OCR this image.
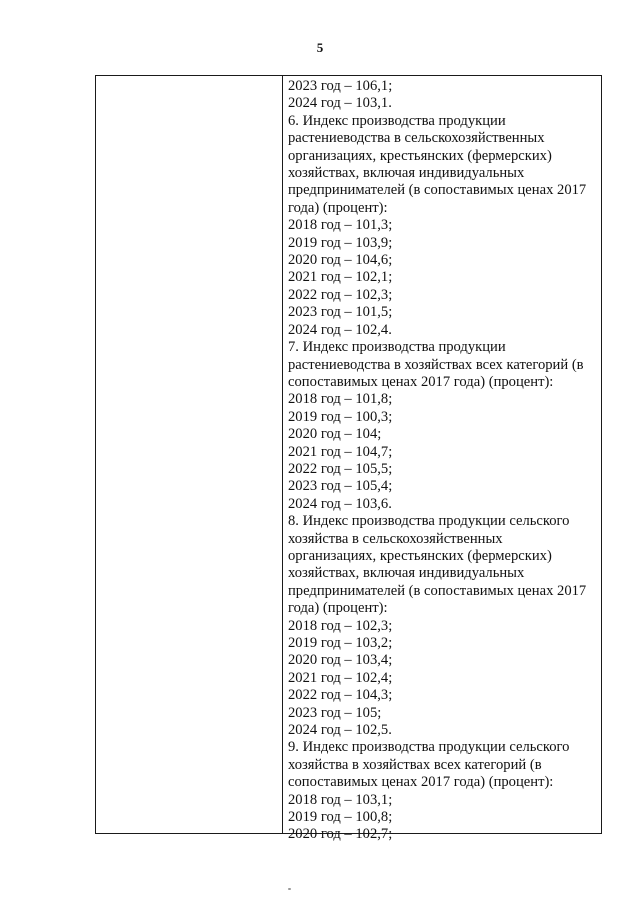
5
2023 год – 106,1;
2024 год – 103,1.
6. Индекс производства продукции
растениеводства в сельскохозяйственных
организациях, крестьянских (фермерских)
хозяйствах, включая индивидуальных
предпринимателей (в сопоставимых ценах 2017
года) (процент):
2018 год – 101,3;
2019 год – 103,9;
2020 год – 104,6;
2021 год – 102,1;
2022 год – 102,3;
2023 год – 101,5;
2024 год – 102,4.
7. Индекс производства продукции
растениеводства в хозяйствах всех категорий (в
сопоставимых ценах 2017 года) (процент):
2018 год – 101,8;
2019 год – 100,3;
2020 год – 104;
2021 год – 104,7;
2022 год – 105,5;
2023 год – 105,4;
2024 год – 103,6.
8. Индекс производства продукции сельского
хозяйства в сельскохозяйственных
организациях, крестьянских (фермерских)
хозяйствах, включая индивидуальных
предпринимателей (в сопоставимых ценах 2017
года) (процент):
2018 год – 102,3;
2019 год – 103,2;
2020 год – 103,4;
2021 год – 102,4;
2022 год – 104,3;
2023 год – 105;
2024 год – 102,5.
9. Индекс производства продукции сельского
хозяйства в хозяйствах всех категорий (в
сопоставимых ценах 2017 года) (процент):
2018 год – 103,1;
2019 год – 100,8;
2020 год – 102,7;
